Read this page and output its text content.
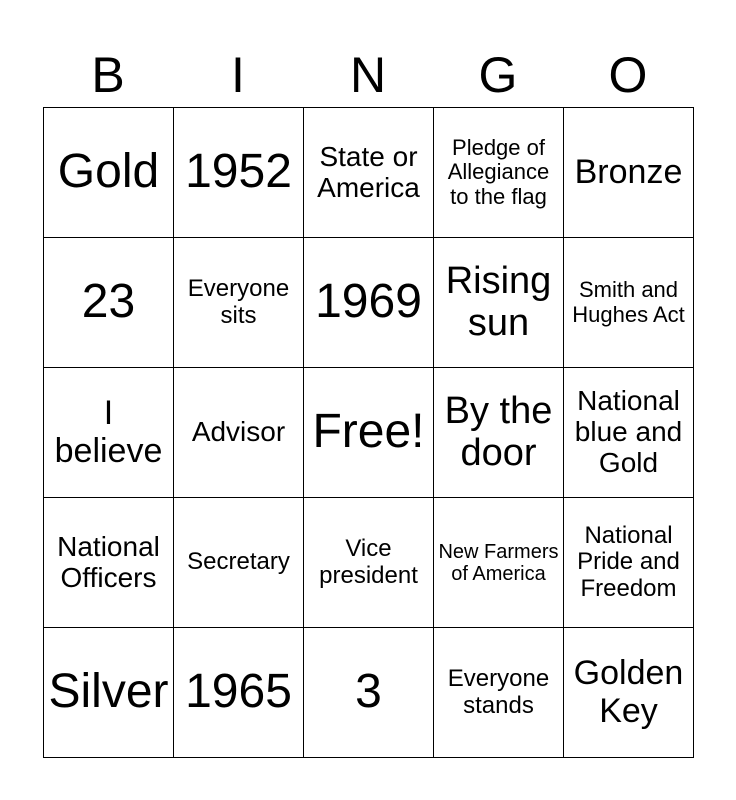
B	I	N	G	O
Gold	1952	State or America	Pledge of Allegiance to the flag	Bronze
23	Everyone sits	1969	Rising sun	Smith and Hughes Act
I believe	Advisor	Free!	By the door	National blue and Gold
National Officers	Secretary	Vice president	New Farmers of America	National Pride and Freedom
Silver	1965	3	Everyone stands	Golden Key
